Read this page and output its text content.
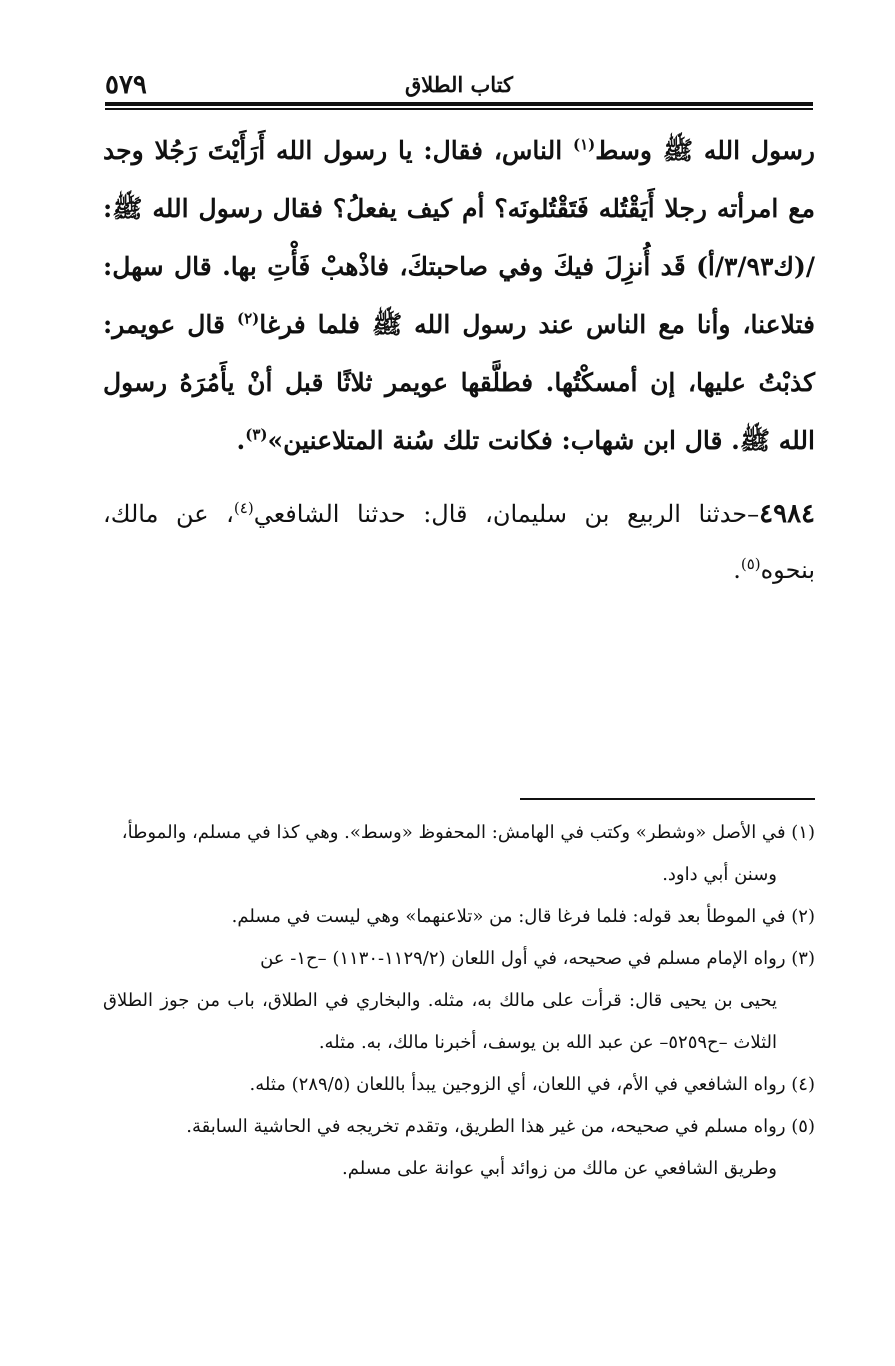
٥٧٩	كتاب الطلاق
رسول الله ﷺ وسط$^{(١)}$ الناس، فقال: يا رسول الله أَرَأَيْتَ رَجُلا وجد مع امرأته رجلا أَيَقْتُله فَتَقْتُلونَه؟ أم كيف يفعلُ؟ فقال رسول الله ﷺ: /(ك٣/٩٣/أ) قَد أُنزِلَ فيكَ وفي صاحبتكَ، فاذْهبْ فَأْتِ بها. قال سهل: فتلاعنا، وأنا مع الناس عند رسول الله ﷺ فلما فرغا$^{(٢)}$ قال عويمر: كذبْتُ عليها، إن أمسكْتُها. فطلَّقها عويمر ثلاثًا قبل أنْ يأَمُرَهُ رسول الله ﷺ. قال ابن شهاب: فكانت تلك سُنة المتلاعنين»$^{(٣)}$.
٤٩٨٤–حدثنا الربيع بن سليمان، قال: حدثنا الشافعي$^{(٤)}$، عن مالك، بنحوه$^{(٥)}$.
(١) في الأصل «وشطر» وكتب في الهامش: المحفوظ «وسط». وهي كذا في مسلم، والموطأ،
وسنن أبي داود.
(٢) في الموطأ بعد قوله: فلما فرغا قال: من «تلاعنهما» وهي ليست في مسلم.
(٣) رواه الإمام مسلم في صحيحه، في أول اللعان (١١٢٩/٢-١١٣٠) –ح١- عن
يحيى بن يحيى قال: قرأت على مالك به، مثله. والبخاري في الطلاق، باب من جوز الطلاق الثلاث –ح٥٢٥٩– عن عبد الله بن يوسف، أخبرنا مالك، به. مثله.
(٤) رواه الشافعي في الأم، في اللعان، أي الزوجين يبدأ باللعان (٢٨٩/٥) مثله.
(٥) رواه مسلم في صحيحه، من غير هذا الطريق، وتقدم تخريجه في الحاشية السابقة.
وطريق الشافعي عن مالك من زوائد أبي عوانة على مسلم.
